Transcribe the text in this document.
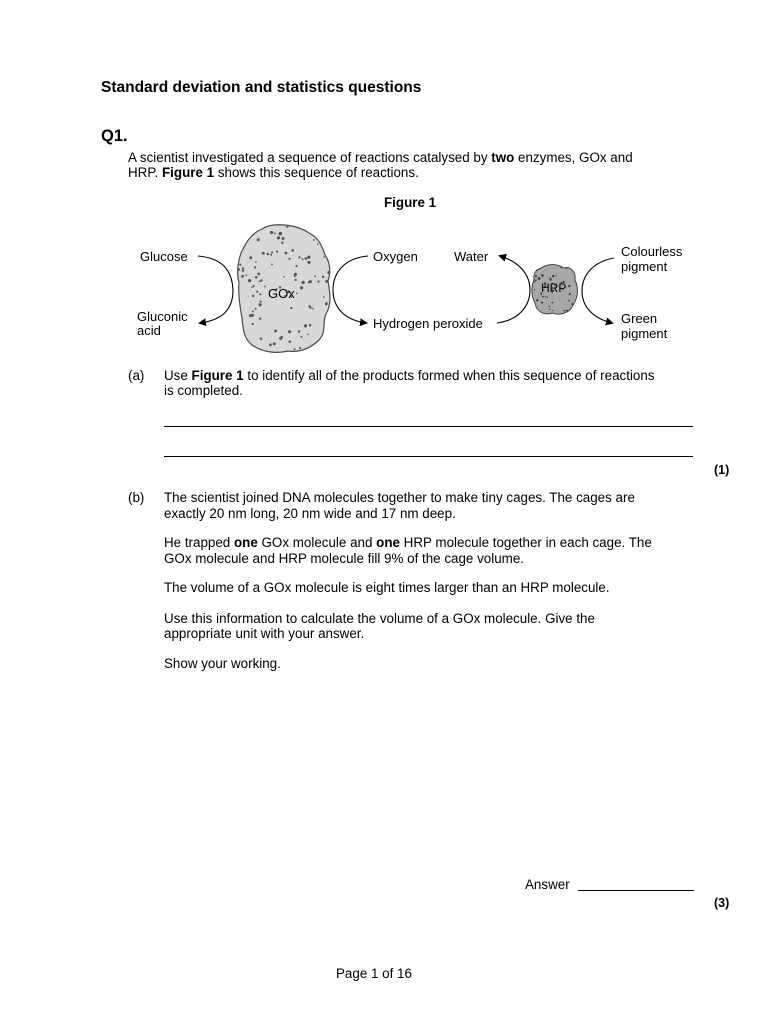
Standard deviation and statistics questions
Q1.
A scientist investigated a sequence of reactions catalysed by two enzymes, GOx and
HRP. Figure 1 shows this sequence of reactions.
Figure 1
Glucose
Gluconic
acid
GOx
Oxygen
Hydrogen peroxide
Water
HRP
Colourless
pigment
Green
pigment
(a) Use Figure 1 to identify all of the products formed when this sequence of reactions
is completed.
(1)
(b) The scientist joined DNA molecules together to make tiny cages. The cages are
exactly 20 nm long, 20 nm wide and 17 nm deep.
He trapped one GOx molecule and one HRP molecule together in each cage. The
GOx molecule and HRP molecule fill 9% of the cage volume.
The volume of a GOx molecule is eight times larger than an HRP molecule.
Use this information to calculate the volume of a GOx molecule. Give the
appropriate unit with your answer.
Show your working.
Answer
(3)
Page 1 of 16
